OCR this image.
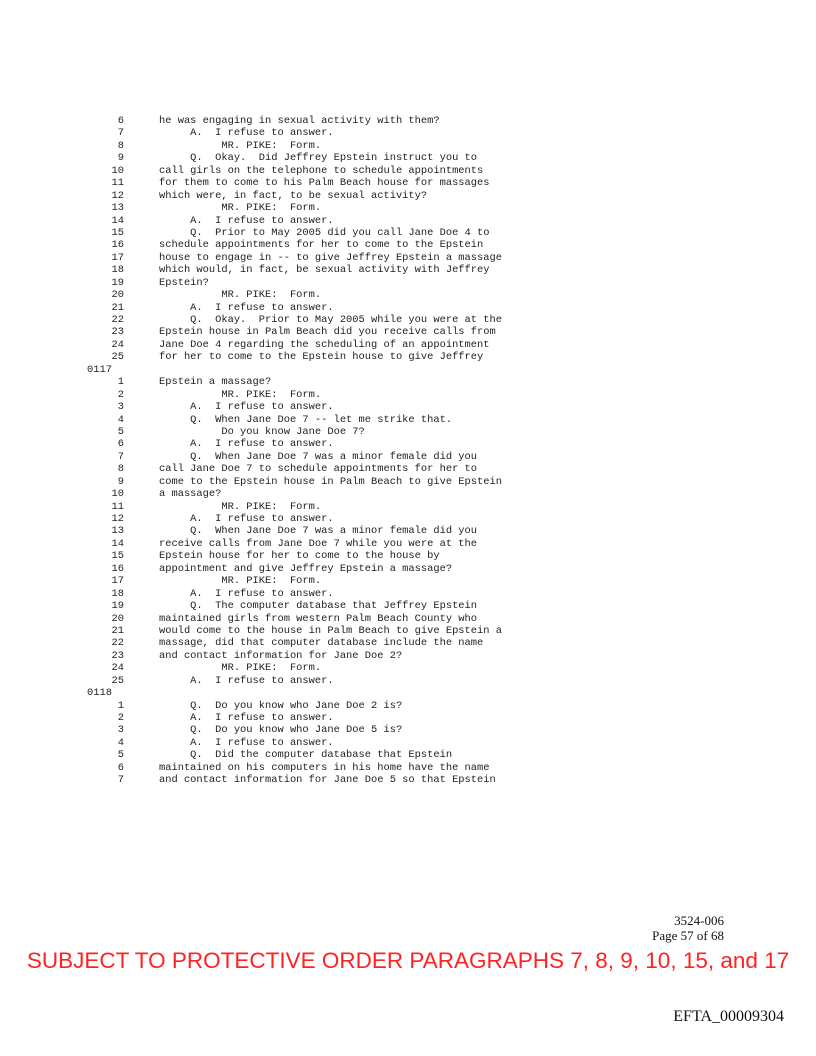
6	he was engaging in sexual activity with them?
7	A.  I refuse to answer.
8	MR. PIKE:  Form.
9	Q.  Okay.  Did Jeffrey Epstein instruct you to
10	call girls on the telephone to schedule appointments
11	for them to come to his Palm Beach house for massages
12	which were, in fact, to be sexual activity?
13	MR. PIKE:  Form.
14	A.  I refuse to answer.
15	Q.  Prior to May 2005 did you call Jane Doe 4 to
16	schedule appointments for her to come to the Epstein
17	house to engage in -- to give Jeffrey Epstein a massage
18	which would, in fact, be sexual activity with Jeffrey
19	Epstein?
20	MR. PIKE:  Form.
21	A.  I refuse to answer.
22	Q.  Okay.  Prior to May 2005 while you were at the
23	Epstein house in Palm Beach did you receive calls from
24	Jane Doe 4 regarding the scheduling of an appointment
25	for her to come to the Epstein house to give Jeffrey
0117
1	Epstein a massage?
2	MR. PIKE:  Form.
3	A.  I refuse to answer.
4	Q.  When Jane Doe 7 -- let me strike that.
5	Do you know Jane Doe 7?
6	A.  I refuse to answer.
7	Q.  When Jane Doe 7 was a minor female did you
8	call Jane Doe 7 to schedule appointments for her to
9	come to the Epstein house in Palm Beach to give Epstein
10	a massage?
11	MR. PIKE:  Form.
12	A.  I refuse to answer.
13	Q.  When Jane Doe 7 was a minor female did you
14	receive calls from Jane Doe 7 while you were at the
15	Epstein house for her to come to the house by
16	appointment and give Jeffrey Epstein a massage?
17	MR. PIKE:  Form.
18	A.  I refuse to answer.
19	Q.  The computer database that Jeffrey Epstein
20	maintained girls from western Palm Beach County who
21	would come to the house in Palm Beach to give Epstein a
22	massage, did that computer database include the name
23	and contact information for Jane Doe 2?
24	MR. PIKE:  Form.
25	A.  I refuse to answer.
0118
1	Q.  Do you know who Jane Doe 2 is?
2	A.  I refuse to answer.
3	Q.  Do you know who Jane Doe 5 is?
4	A.  I refuse to answer.
5	Q.  Did the computer database that Epstein
6	maintained on his computers in his home have the name
7	and contact information for Jane Doe 5 so that Epstein
3524-006
Page 57 of 68
SUBJECT TO PROTECTIVE ORDER PARAGRAPHS 7, 8, 9, 10, 15, and 17
EFTA_00009304
